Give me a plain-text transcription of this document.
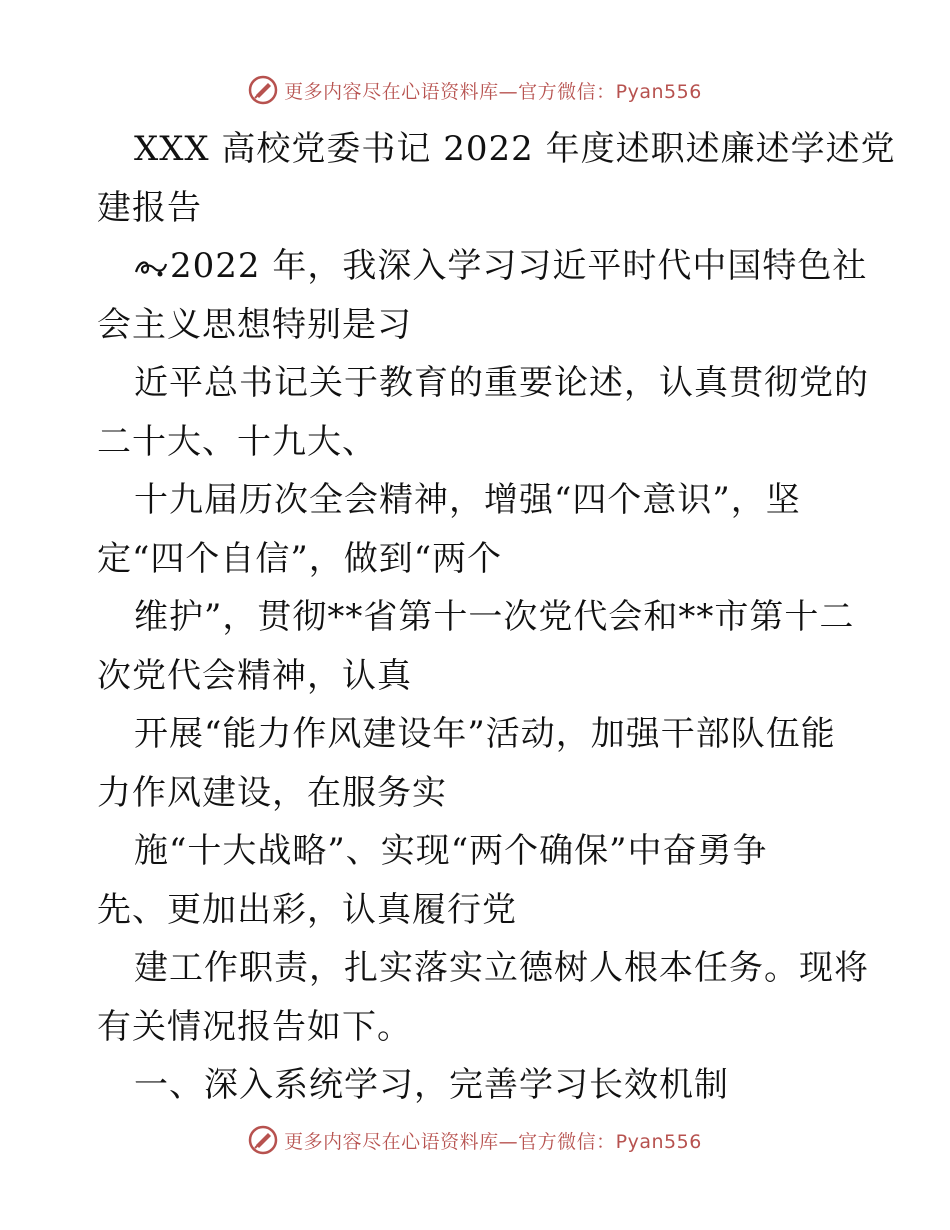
更多内容尽在心语资料库—官方微信：Pyan556
XXX 高校党委书记 2022 年度述职述廉述学述党
建报告
2022 年，我深入学习习近平时代中国特色社
会主义思想特别是习
近平总书记关于教育的重要论述，认真贯彻党的
二十大、十九大、
十九届历次全会精神，增强“四个意识”，坚
定“四个自信”，做到“两个
维护”，贯彻**省第十一次党代会和**市第十二
次党代会精神，认真
开展“能力作风建设年”活动，加强干部队伍能
力作风建设，在服务实
施“十大战略”、实现“两个确保”中奋勇争
先、更加出彩，认真履行党
建工作职责，扎实落实立德树人根本任务。现将
有关情况报告如下。
一、深入系统学习，完善学习长效机制
更多内容尽在心语资料库—官方微信：Pyan556
